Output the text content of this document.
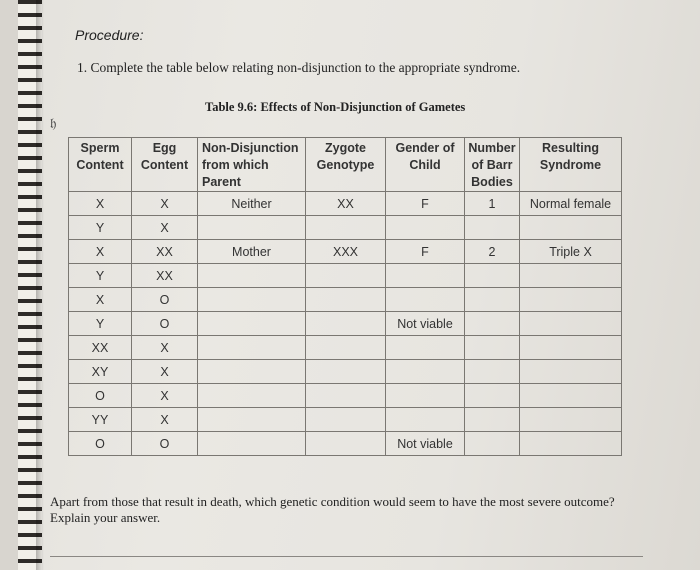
Procedure:
1. Complete the table below relating non-disjunction to the appropriate syndrome.
Table 9.6: Effects of Non-Disjunction of Gametes
𝔥
Sperm Content	Egg Content	Non-Disjunction from which Parent	Zygote Genotype	Gender of Child	Number of Barr Bodies	Resulting Syndrome
X	X	Neither	XX	F	1	Normal female
Y	X					
X	XX	Mother	XXX	F	2	Triple X
Y	XX					
X	O					
Y	O			Not viable		
XX	X					
XY	X					
O	X					
YY	X					
O	O			Not viable		
Apart from those that result in death, which genetic condition would seem to have the most severe outcome? Explain your answer.
